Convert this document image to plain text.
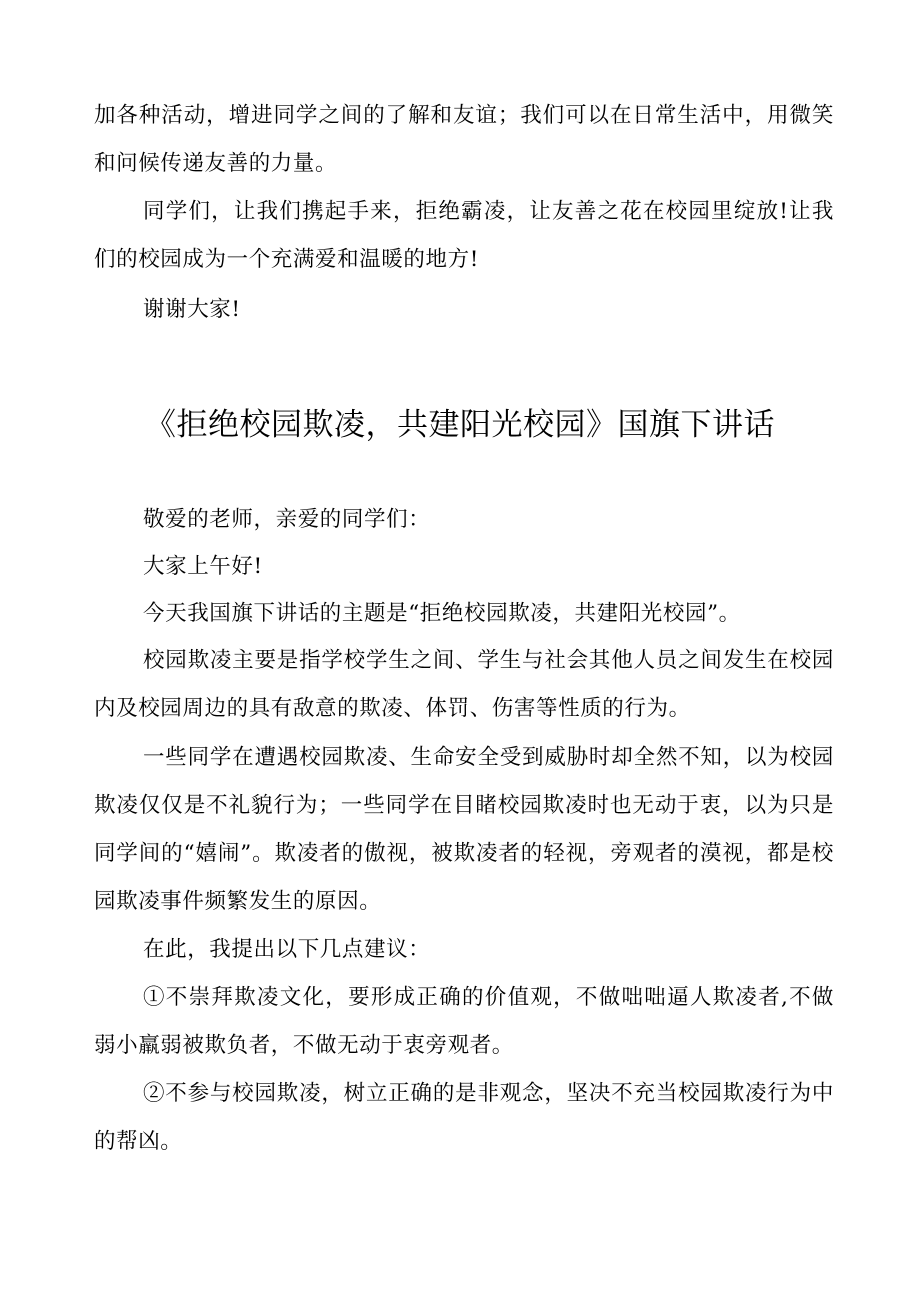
加各种活动，增进同学之间的了解和友谊；我们可以在日常生活中，用微笑和问候传递友善的力量。

同学们，让我们携起手来，拒绝霸凌，让友善之花在校园里绽放!让我们的校园成为一个充满爱和温暖的地方!

谢谢大家!

《拒绝校园欺凌，共建阳光校园》国旗下讲话

敬爱的老师，亲爱的同学们：

大家上午好!

今天我国旗下讲话的主题是“拒绝校园欺凌，共建阳光校园”。

校园欺凌主要是指学校学生之间、学生与社会其他人员之间发生在校园内及校园周边的具有敌意的欺凌、体罚、伤害等性质的行为。

一些同学在遭遇校园欺凌、生命安全受到威胁时却全然不知，以为校园欺凌仅仅是不礼貌行为；一些同学在目睹校园欺凌时也无动于衷，以为只是同学间的“嬉闹”。欺凌者的傲视，被欺凌者的轻视，旁观者的漠视，都是校园欺凌事件频繁发生的原因。

在此，我提出以下几点建议：

①不崇拜欺凌文化，要形成正确的价值观，不做咄咄逼人欺凌者,不做弱小羸弱被欺负者，不做无动于衷旁观者。

②不参与校园欺凌，树立正确的是非观念，坚决不充当校园欺凌行为中的帮凶。
